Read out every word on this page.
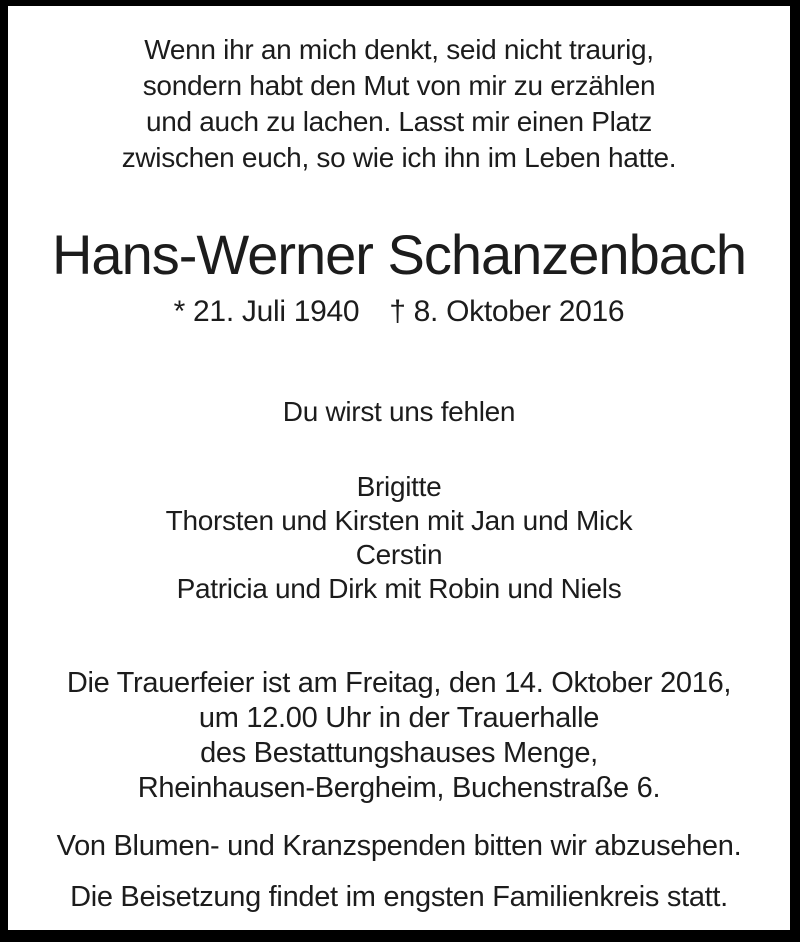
Wenn ihr an mich denkt, seid nicht traurig,
sondern habt den Mut von mir zu erzählen
und auch zu lachen. Lasst mir einen Platz
zwischen euch, so wie ich ihn im Leben hatte.
Hans-Werner Schanzenbach
* 21. Juli 1940 † 8. Oktober 2016
Du wirst uns fehlen
Brigitte
Thorsten und Kirsten mit Jan und Mick
Cerstin
Patricia und Dirk mit Robin und Niels
Die Trauerfeier ist am Freitag, den 14. Oktober 2016,
um 12.00 Uhr in der Trauerhalle
des Bestattungshauses Menge,
Rheinhausen-Bergheim, Buchenstraße 6.
Von Blumen- und Kranzspenden bitten wir abzusehen.
Die Beisetzung findet im engsten Familienkreis statt.
